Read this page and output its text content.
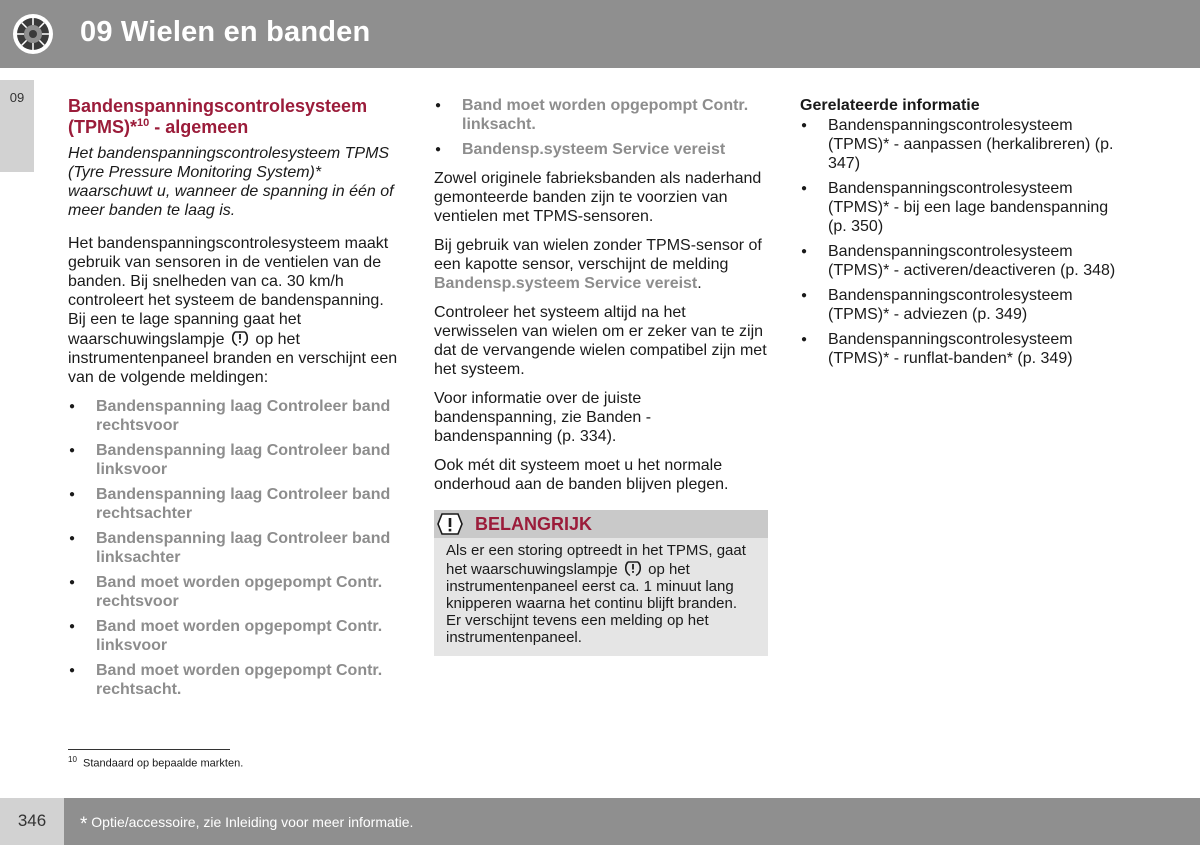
09 Wielen en banden
09	Bandenspanningscontrolesysteem (TPMS)*$^{10}$ - algemeen

Het bandenspanningscontrolesysteem TPMS (Tyre Pressure Monitoring System)* waarschuwt u, wanneer de spanning in één of meer banden te laag is.

Het bandenspanningscontrolesysteem maakt gebruik van sensoren in de ventielen van de banden. Bij snelheden van ca. 30 km/h controleert het systeem de bandenspanning. Bij een te lage spanning gaat het waarschuwingslampje  op het instrumentenpaneel branden en verschijnt een van de volgende meldingen:

● Bandenspanning laag Controleer band rechtsvoor
● Bandenspanning laag Controleer band linksvoor
● Bandenspanning laag Controleer band rechtsachter
● Bandenspanning laag Controleer band linksachter
● Band moet worden opgepompt Contr. rechtsvoor
● Band moet worden opgepompt Contr. linksvoor
● Band moet worden opgepompt Contr. rechtsacht.
● Band moet worden opgepompt Contr. linksacht.
● Bandensp.systeem Service vereist

Zowel originele fabrieksbanden als naderhand gemonteerde banden zijn te voorzien van ventielen met TPMS-sensoren.

Bij gebruik van wielen zonder TPMS-sensor of een kapotte sensor, verschijnt de melding Bandensp.systeem Service vereist.

Controleer het systeem altijd na het verwisselen van wielen om er zeker van te zijn dat de vervangende wielen compatibel zijn met het systeem.

Voor informatie over de juiste bandenspanning, zie Banden - bandenspanning (p. 334).

Ook mét dit systeem moet u het normale onderhoud aan de banden blijven plegen.

BELANGRIJK
Als er een storing optreedt in het TPMS, gaat het waarschuwingslampje  op het instrumentenpaneel eerst ca. 1 minuut lang knipperen waarna het continu blijft branden. Er verschijnt tevens een melding op het instrumentenpaneel.
Gerelateerde informatie
● Bandenspanningscontrolesysteem (TPMS)* - aanpassen (herkalibreren) (p. 347)
● Bandenspanningscontrolesysteem (TPMS)* - bij een lage bandenspanning (p. 350)
● Bandenspanningscontrolesysteem (TPMS)* - activeren/deactiveren (p. 348)
● Bandenspanningscontrolesysteem (TPMS)* - adviezen (p. 349)
● Bandenspanningscontrolesysteem (TPMS)* - runflat-banden* (p. 349)
$^{10}$ Standaard op bepaalde markten.
346	* Optie/accessoire, zie Inleiding voor meer informatie.
